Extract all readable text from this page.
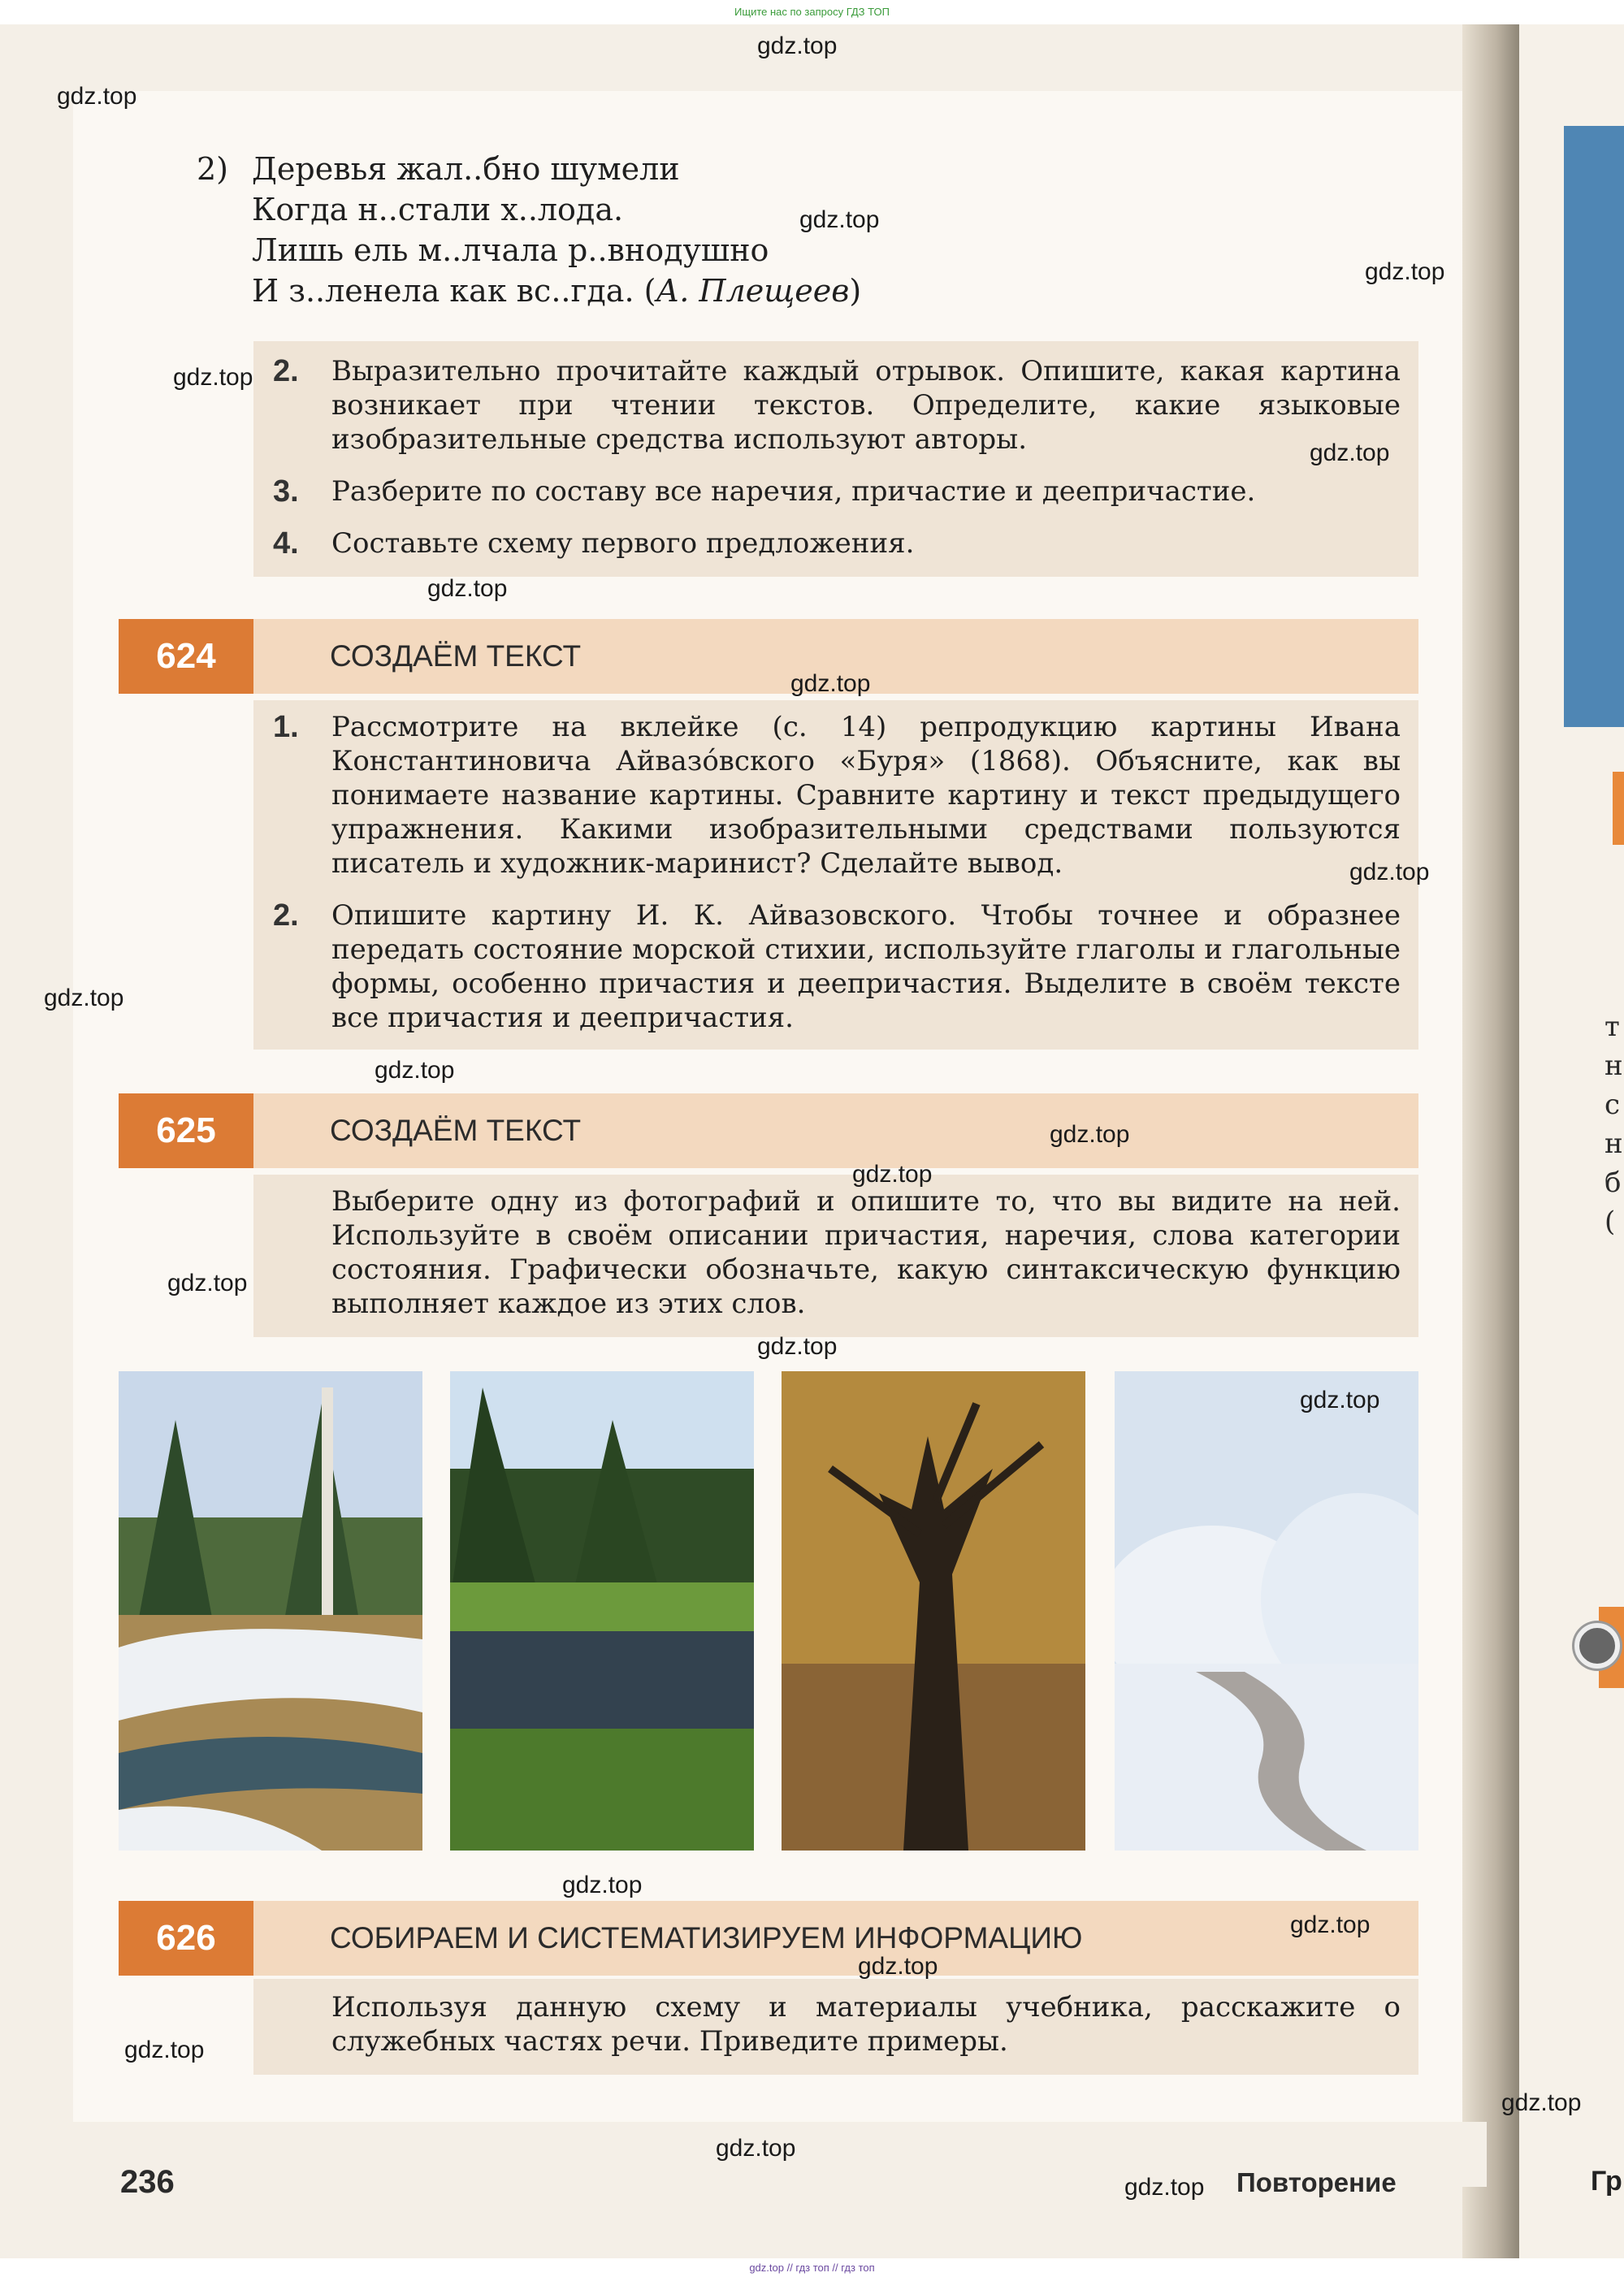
Ищите нас по запросу ГДЗ ТОП
т
н
с
н
б
(
Гр
2) Деревья жал..бно шумели
Когда н..стали х..лода.
Лишь ель м..лчала р..внодушно
И з..ленела как вс..гда. (А. Плещеев)
2. Выразительно прочитайте каждый отрывок. Опишите, какая картина возникает при чтении текстов. Определите, какие языковые изобразительные средства используют авторы.
3. Разберите по составу все наречия, причастие и деепричастие.
4. Составьте схему первого предложения.
624	СОЗДАЁМ ТЕКСТ
1. Рассмотрите на вклейке (с. 14) репродукцию картины Ивана Константиновича Айвазо́вского «Буря» (1868). Объясните, как вы понимаете название картины. Сравните картину и текст предыдущего упражнения. Какими изобразительными средствами пользуются писатель и художник-маринист? Сделайте вывод.
2. Опишите картину И. К. Айвазовского. Чтобы точнее и образнее передать состояние морской стихии, используйте глаголы и глагольные формы, особенно причастия и деепричастия. Выделите в своём тексте все причастия и деепричастия.
625	СОЗДАЁМ ТЕКСТ
Выберите одну из фотографий и опишите то, что вы видите на ней. Используйте в своём описании причастия, наречия, слова категории состояния. Графически обозначьте, какую синтаксическую функцию выполняет каждое из этих слов.
626	СОБИРАЕМ И СИСТЕМАТИЗИРУЕМ ИНФОРМАЦИЮ
Используя данную схему и материалы учебника, расскажите о служебных частях речи. Приведите примеры.
236	Повторение
gdz.top
gdz.top
gdz.top
gdz.top
gdz.top
gdz.top
gdz.top
gdz.top
gdz.top
gdz.top
gdz.top
gdz.top
gdz.top
gdz.top
gdz.top
gdz.top
gdz.top
gdz.top
gdz.top
gdz.top
gdz.top
gdz.top
gdz.top
gdz.top // гдз топ // гдз топ
